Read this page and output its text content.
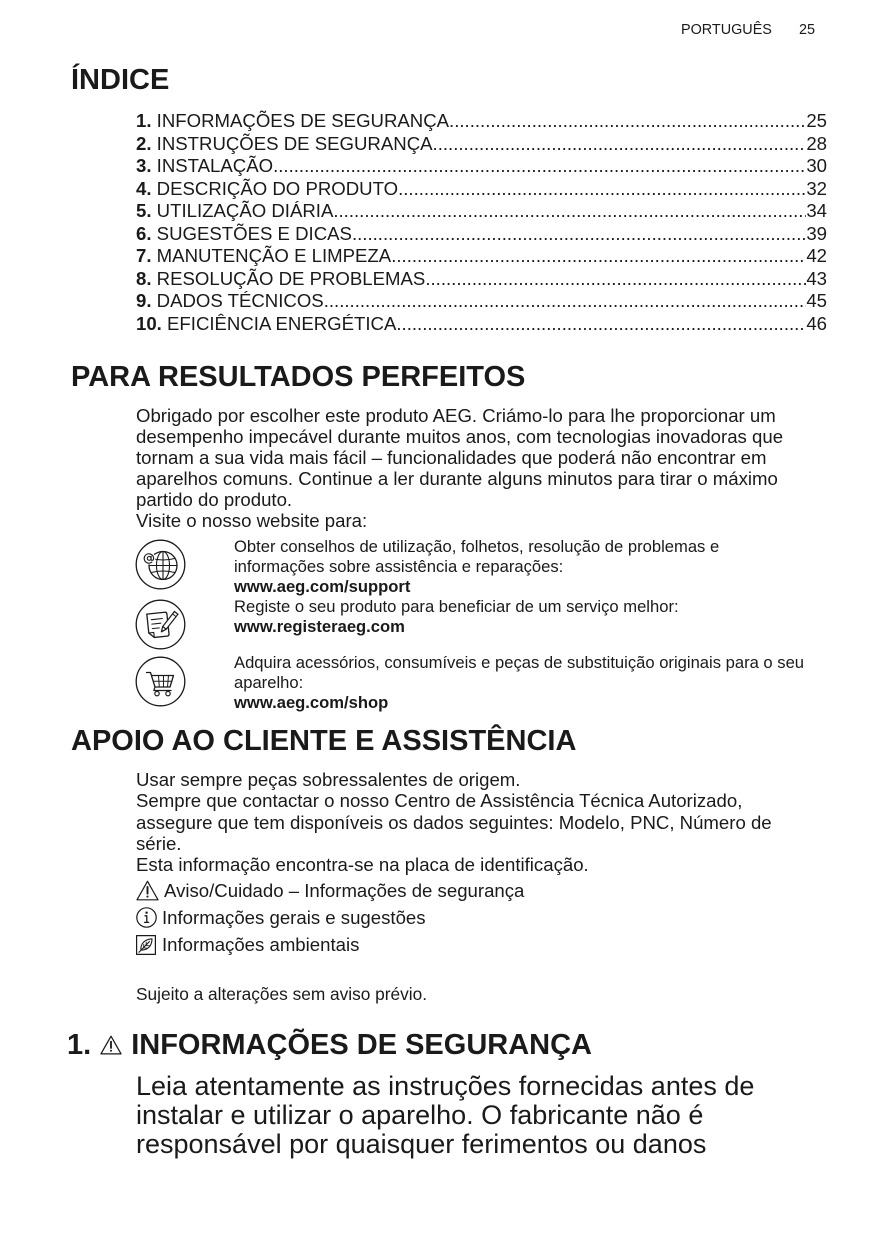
PORTUGUÊS 25
ÍNDICE
1. INFORMAÇÕES DE SEGURANÇA .....	25
2. INSTRUÇÕES DE SEGURANÇA .....	28
3. INSTALAÇÃO .....	30
4. DESCRIÇÃO DO PRODUTO .....	32
5. UTILIZAÇÃO DIÁRIA .....	34
6. SUGESTÕES E DICAS .....	39
7. MANUTENÇÃO E LIMPEZA .....	42
8. RESOLUÇÃO DE PROBLEMAS .....	43
9. DADOS TÉCNICOS .....	45
10. EFICIÊNCIA ENERGÉTICA .....	46
PARA RESULTADOS PERFEITOS
Obrigado por escolher este produto AEG. Criámo-lo para lhe proporcionar um
desempenho impecável durante muitos anos, com tecnologias inovadoras que
tornam a sua vida mais fácil – funcionalidades que poderá não encontrar em
aparelhos comuns. Continue a ler durante alguns minutos para tirar o máximo
partido do produto.
Visite o nosso website para:
Obter conselhos de utilização, folhetos, resolução de problemas e
informações sobre assistência e reparações:
www.aeg.com/support
Registe o seu produto para beneficiar de um serviço melhor:
www.registeraeg.com
Adquira acessórios, consumíveis e peças de substituição originais para o seu
aparelho:
www.aeg.com/shop
APOIO AO CLIENTE E ASSISTÊNCIA
Usar sempre peças sobressalentes de origem.
Sempre que contactar o nosso Centro de Assistência Técnica Autorizado,
assegure que tem disponíveis os dados seguintes: Modelo, PNC, Número de
série.
Esta informação encontra-se na placa de identificação.
Aviso/Cuidado – Informações de segurança
Informações gerais e sugestões
Informações ambientais
Sujeito a alterações sem aviso prévio.
1. INFORMAÇÕES DE SEGURANÇA
Leia atentamente as instruções fornecidas antes de
instalar e utilizar o aparelho. O fabricante não é
responsável por quaisquer ferimentos ou danos
